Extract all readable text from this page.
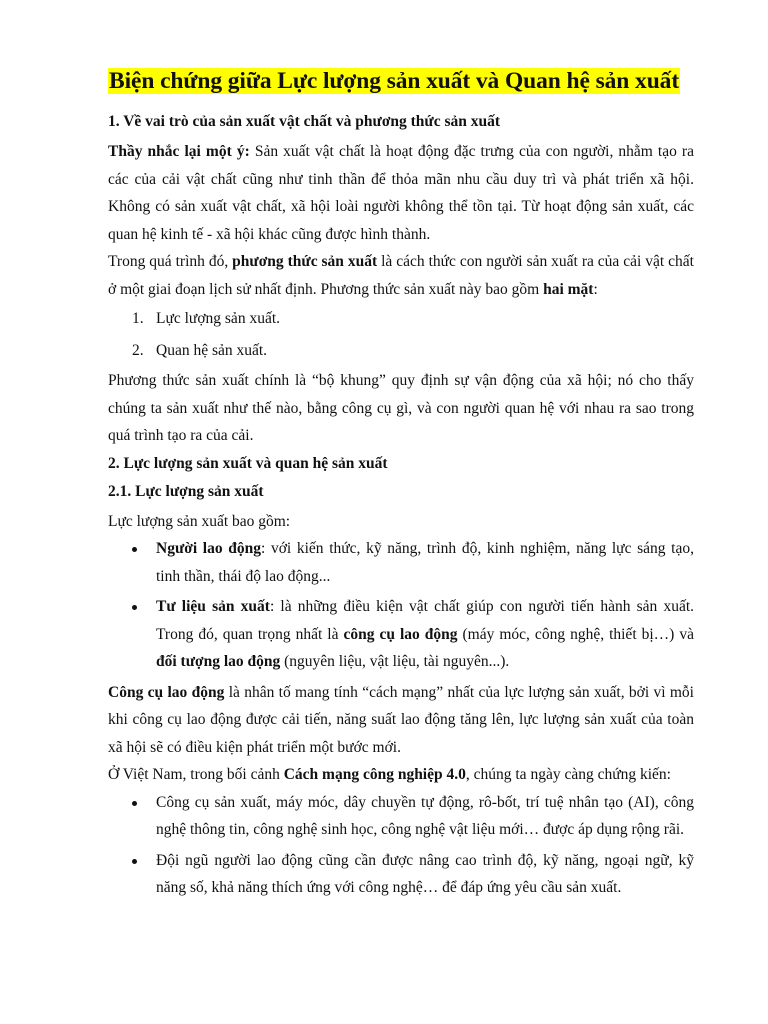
Biện chứng giữa Lực lượng sản xuất và Quan hệ sản xuất
1. Về vai trò của sản xuất vật chất và phương thức sản xuất

Thầy nhắc lại một ý: Sản xuất vật chất là hoạt động đặc trưng của con người, nhằm tạo ra các của cải vật chất cũng như tinh thần để thỏa mãn nhu cầu duy trì và phát triển xã hội. Không có sản xuất vật chất, xã hội loài người không thể tồn tại. Từ hoạt động sản xuất, các quan hệ kinh tế - xã hội khác cũng được hình thành.

Trong quá trình đó, phương thức sản xuất là cách thức con người sản xuất ra của cải vật chất ở một giai đoạn lịch sử nhất định. Phương thức sản xuất này bao gồm hai mặt:

1. Lực lượng sản xuất.
2. Quan hệ sản xuất.

Phương thức sản xuất chính là “bộ khung” quy định sự vận động của xã hội; nó cho thấy chúng ta sản xuất như thế nào, bằng công cụ gì, và con người quan hệ với nhau ra sao trong quá trình tạo ra của cải.

2. Lực lượng sản xuất và quan hệ sản xuất
2.1. Lực lượng sản xuất

Lực lượng sản xuất bao gồm:

Người lao động: với kiến thức, kỹ năng, trình độ, kinh nghiệm, năng lực sáng tạo, tinh thần, thái độ lao động...
Tư liệu sản xuất: là những điều kiện vật chất giúp con người tiến hành sản xuất. Trong đó, quan trọng nhất là công cụ lao động (máy móc, công nghệ, thiết bị…) và đối tượng lao động (nguyên liệu, vật liệu, tài nguyên...).

Công cụ lao động là nhân tố mang tính “cách mạng” nhất của lực lượng sản xuất, bởi vì mỗi khi công cụ lao động được cải tiến, năng suất lao động tăng lên, lực lượng sản xuất của toàn xã hội sẽ có điều kiện phát triển một bước mới.

Ở Việt Nam, trong bối cảnh Cách mạng công nghiệp 4.0, chúng ta ngày càng chứng kiến:

Công cụ sản xuất, máy móc, dây chuyền tự động, rô-bốt, trí tuệ nhân tạo (AI), công nghệ thông tin, công nghệ sinh học, công nghệ vật liệu mới… được áp dụng rộng rãi.
Đội ngũ người lao động cũng cần được nâng cao trình độ, kỹ năng, ngoại ngữ, kỹ năng số, khả năng thích ứng với công nghệ… để đáp ứng yêu cầu sản xuất.
